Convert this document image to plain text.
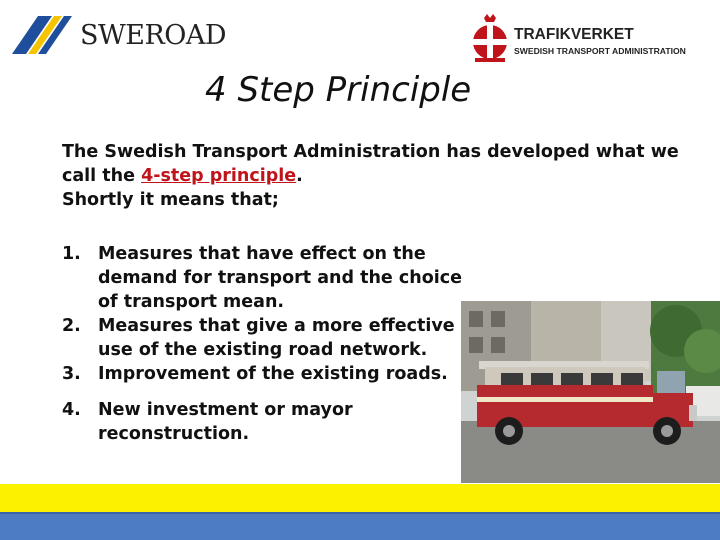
SWEROAD	TRAFIKVERKET
SWEDISH TRANSPORT ADMINISTRATION
4 Step Principle
The Swedish Transport Administration has developed what we call the 4-step principle.
Shortly it means that;
1. Measures that have effect on the demand for transport and the choice of transport mean.
2. Measures that give a more effective use of the existing road network.
3. Improvement of the existing roads.
4. New investment or mayor reconstruction.
